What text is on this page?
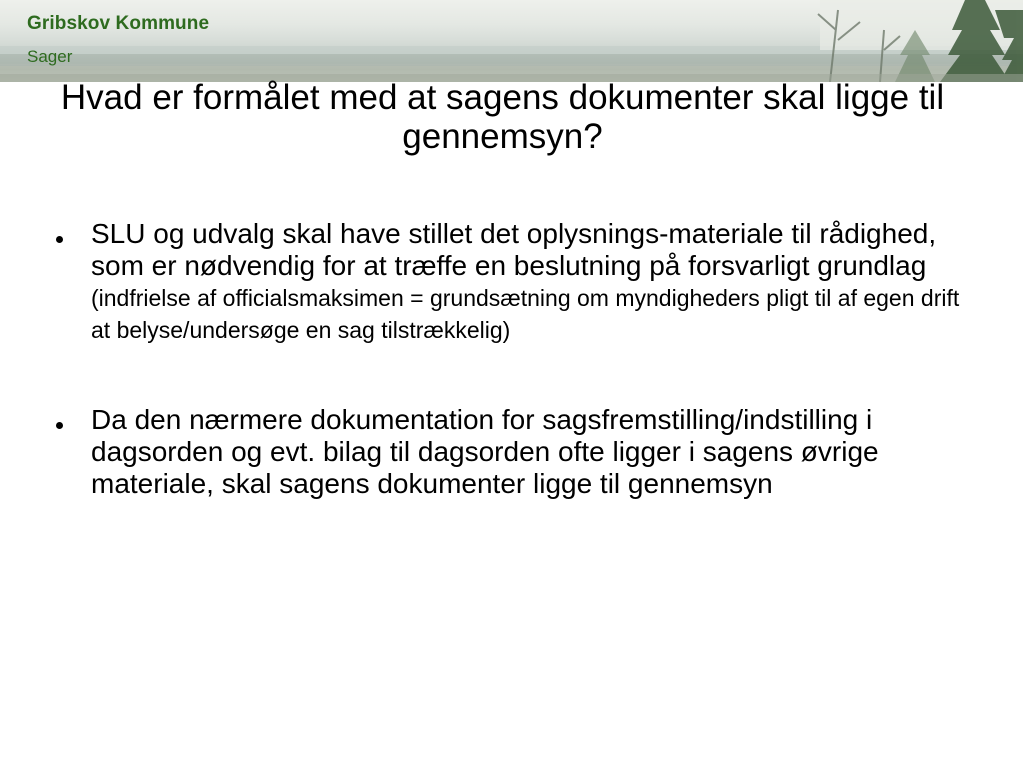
Gribskov Kommune
Sager
Hvad er formålet med at sagens dokumenter skal ligge til gennemsyn?
SLU og udvalg skal have stillet det oplysnings-materiale til rådighed, som er nødvendig for at træffe en beslutning på forsvarligt grundlag (indfrielse af officialsmaksimen = grundsætning om myndigheders pligt til af egen drift at belyse/undersøge en sag tilstrækkelig)
Da den nærmere dokumentation for sagsfremstilling/indstilling i dagsorden og evt. bilag til dagsorden ofte ligger i sagens øvrige materiale, skal sagens dokumenter ligge til gennemsyn
